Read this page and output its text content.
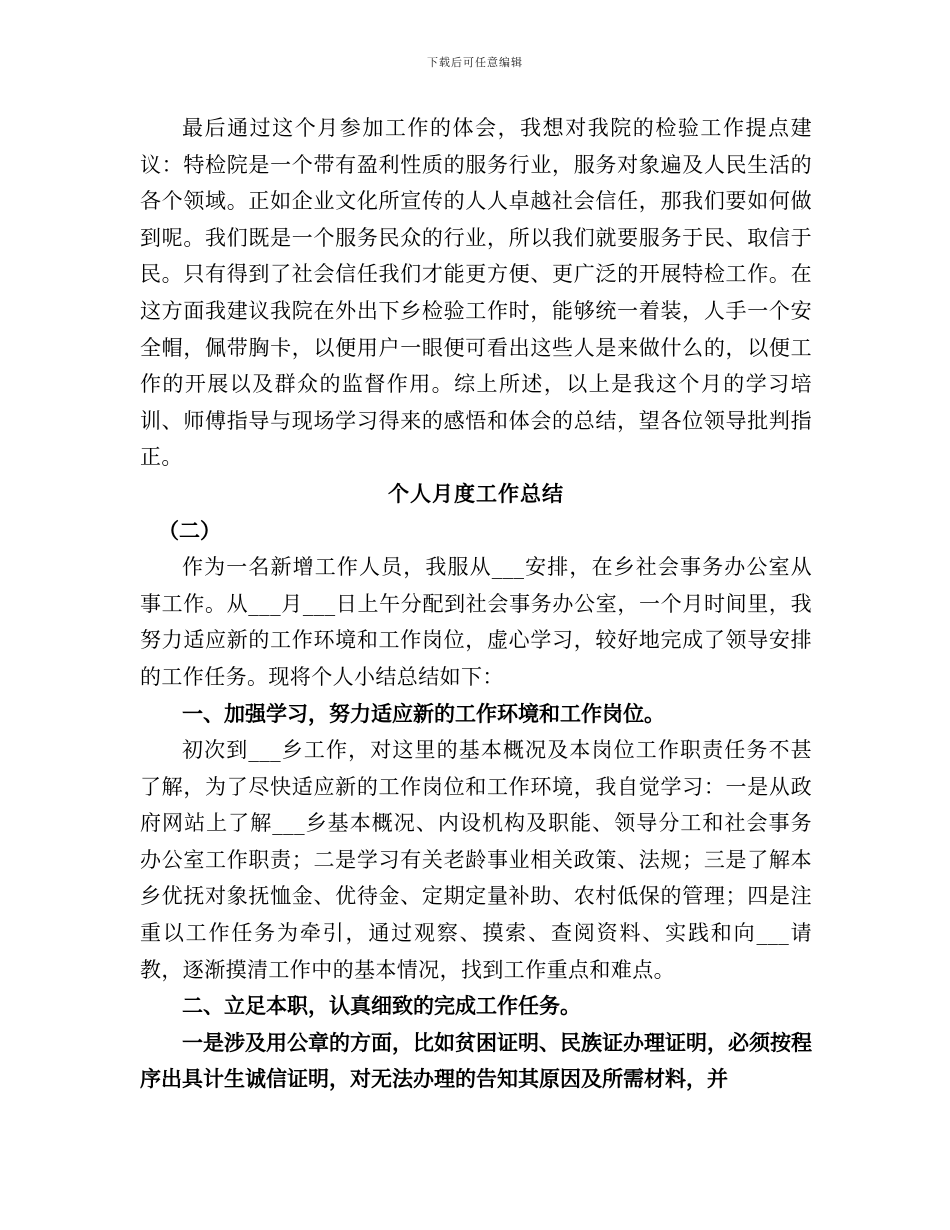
下载后可任意编辑

最后通过这个月参加工作的体会，我想对我院的检验工作提点建议：特检院是一个带有盈利性质的服务行业，服务对象遍及人民生活的各个领域。正如企业文化所宣传的人人卓越社会信任，那我们要如何做到呢。我们既是一个服务民众的行业，所以我们就要服务于民、取信于民。只有得到了社会信任我们才能更方便、更广泛的开展特检工作。在这方面我建议我院在外出下乡检验工作时，能够统一着装，人手一个安全帽，佩带胸卡，以便用户一眼便可看出这些人是来做什么的，以便工作的开展以及群众的监督作用。综上所述，以上是我这个月的学习培训、师傅指导与现场学习得来的感悟和体会的总结，望各位领导批判指正。

个人月度工作总结

（二）

作为一名新增工作人员，我服从___安排，在乡社会事务办公室从事工作。从___月___日上午分配到社会事务办公室，一个月时间里，我努力适应新的工作环境和工作岗位，虚心学习，较好地完成了领导安排的工作任务。现将个人小结总结如下：

一、加强学习，努力适应新的工作环境和工作岗位。

初次到___乡工作，对这里的基本概况及本岗位工作职责任务不甚了解，为了尽快适应新的工作岗位和工作环境，我自觉学习：一是从政府网站上了解___乡基本概况、内设机构及职能、领导分工和社会事务办公室工作职责；二是学习有关老龄事业相关政策、法规；三是了解本乡优抚对象抚恤金、优待金、定期定量补助、农村低保的管理；四是注重以工作任务为牵引，通过观察、摸索、查阅资料、实践和向___请教，逐渐摸清工作中的基本情况，找到工作重点和难点。

二、立足本职，认真细致的完成工作任务。

一是涉及用公章的方面，比如贫困证明、民族证办理证明，必须按程序出具计生诚信证明，对无法办理的告知其原因及所需材料，并
